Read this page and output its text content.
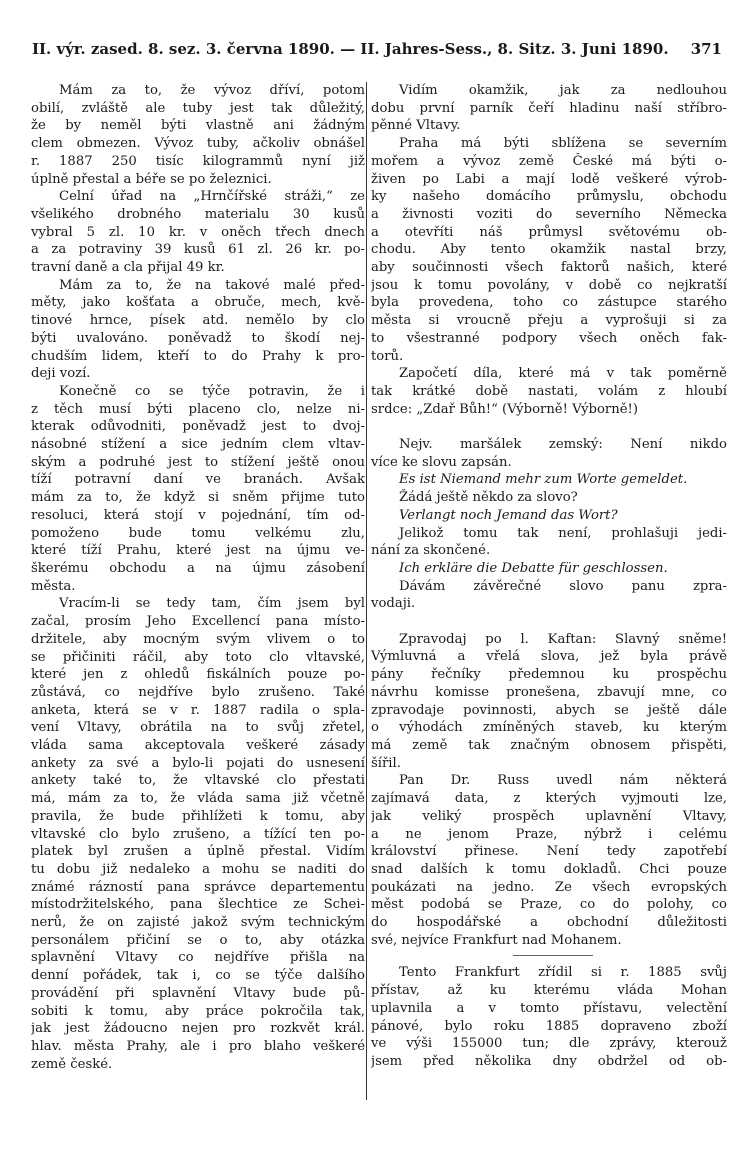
II. výr. zased. 8. sez. 3. června 1890. — II. Jahres-Sess., 8. Sitz. 3. Juni 1890. 371
Mám za to, že vývoz dříví, potom
obilí, zvláště ale tuby jest tak důležitý,
že by neměl býti vlastně ani žádným
clem obmezen. Vývoz tuby, ačkoliv obnášel
r. 1887 250 tisíc kilogrammů nyní již
úplně přestal a béře se po železnici.
Celní úřad na „Hrnčířské stráži,“ ze
všelikého drobného materialu 30 kusů
vybral 5 zl. 10 kr. v oněch třech dnech
a za potraviny 39 kusů 61 zl. 26 kr. po-
travní daně a cla přijal 49 kr.
Mám za to, že na takové malé před-
měty, jako košťata a obruče, mech, kvě-
tinové hrnce, písek atd. nemělo by clo
býti uvalováno. poněvadž to škodí nej-
chudším lidem, kteří to do Prahy k pro-
deji vozí.
Konečně co se týče potravin, že i
z těch musí býti placeno clo, nelze ni-
kterak odůvodniti, poněvadž jest to dvoj-
násobné stížení a sice jedním clem vltav-
ským a podruhé jest to stížení ještě onou
tíží potravní daní ve branách. Avšak
mám za to, že když si sněm přijme tuto
resoluci, která stojí v pojednání, tím od-
pomoženo bude tomu velkému zlu,
které tíží Prahu, které jest na újmu ve-
škerému obchodu a na újmu zásobení
města.
Vracím-li se tedy tam, čím jsem byl
začal, prosím Jeho Excellencí pana místo-
držitele, aby mocným svým vlivem o to
se přičiniti ráčil, aby toto clo vltavské,
které jen z ohledů fiskálních pouze po-
zůstává, co nejdříve bylo zrušeno. Také
anketa, která se v r. 1887 radila o spla-
vení Vltavy, obrátila na to svůj zřetel,
vláda sama akceptovala veškeré zásady
ankety za své a bylo-li pojati do usnesení
ankety také to, že vltavské clo přestati
má, mám za to, že vláda sama již včetně
pravila, že bude přihlížeti k tomu, aby
vltavské clo bylo zrušeno, a tížící ten po-
platek byl zrušen a úplně přestal. Vidím
tu dobu již nedaleko a mohu se naditi do
známé rázností pana správce departementu
místodržitelského, pana šlechtice ze Schei-
nerů, že on zajisté jakož svým technickým
personálem přičiní se o to, aby otázka
splavnění Vltavy co nejdříve přišla na
denní pořádek, tak i, co se týče dalšího
provádění při splavnění Vltavy bude pů-
sobiti k tomu, aby práce pokročila tak,
jak jest žádoucno nejen pro rozkvět král.
hlav. města Prahy, ale i pro blaho veškeré
země české.
Vidím okamžik, jak za nedlouhou
dobu první parník čeří hladinu naší stříbro-
pěnné Vltavy.
Praha má býti sblížena se severním
mořem a vývoz země České má býti o-
živen po Labi a mají lodě veškeré výrob-
ky našeho domácího průmyslu, obchodu
a živnosti voziti do severního Německa
a otevříti náš průmysl světovému ob-
chodu. Aby tento okamžik nastal brzy,
aby součinnosti všech faktorů našich, které
jsou k tomu povolány, v době co nejkratší
byla provedena, toho co zástupce starého
města si vroucně přeju a vyprošuji si za
to všestranné podpory všech oněch fak-
torů.
Započetí díla, které má v tak poměrně
tak krátké době nastati, volám z hloubí
srdce: „Zdař Bůh!“ (Výborně! Výborně!)
Nejv. maršálek zemský: Není nikdo
více ke slovu zapsán.
Es ist Niemand mehr zum Worte gemeldet.
Žádá ještě někdo za slovo?
Verlangt noch Jemand das Wort?
Jelikož tomu tak není, prohlašuji jedi-
nání za skončené.
Ich erkläre die Debatte für geschlossen.
Dávám závěrečné slovo panu zpra-
vodaji.
Zpravodaj po l. Kaftan: Slavný sněme!
Výmluvná a vřelá slova, jež byla právě
pány řečníky předemnou ku prospěchu
návrhu komisse pronešena, zbavují mne, co
zpravodaje povinnosti, abych se ještě dále
o výhodách zmíněných staveb, ku kterým
má země tak značným obnosem přispěti,
šířil.
Pan Dr. Russ uvedl nám některá
zajímavá data, z kterých vyjmouti lze,
jak veliký prospěch uplavnění Vltavy,
a ne jenom Praze, nýbrž i celému
království přinese. Není tedy zapotřebí
snad dalších k tomu dokladů. Chci pouze
poukázati na jedno. Ze všech evropských
měst podobá se Praze, co do polohy, co
do hospodářské a obchodní důležitosti
své, nejvíce Frankfurt nad Mohanem.
Tento Frankfurt zřídil si r. 1885 svůj
přístav, až ku kterému vláda Mohan
uplavnila a v tomto přístavu, velectění
pánové, bylo roku 1885 dopraveno zboží
ve výši 155000 tun; dle zprávy, kterouž
jsem před několika dny obdržel od ob-
